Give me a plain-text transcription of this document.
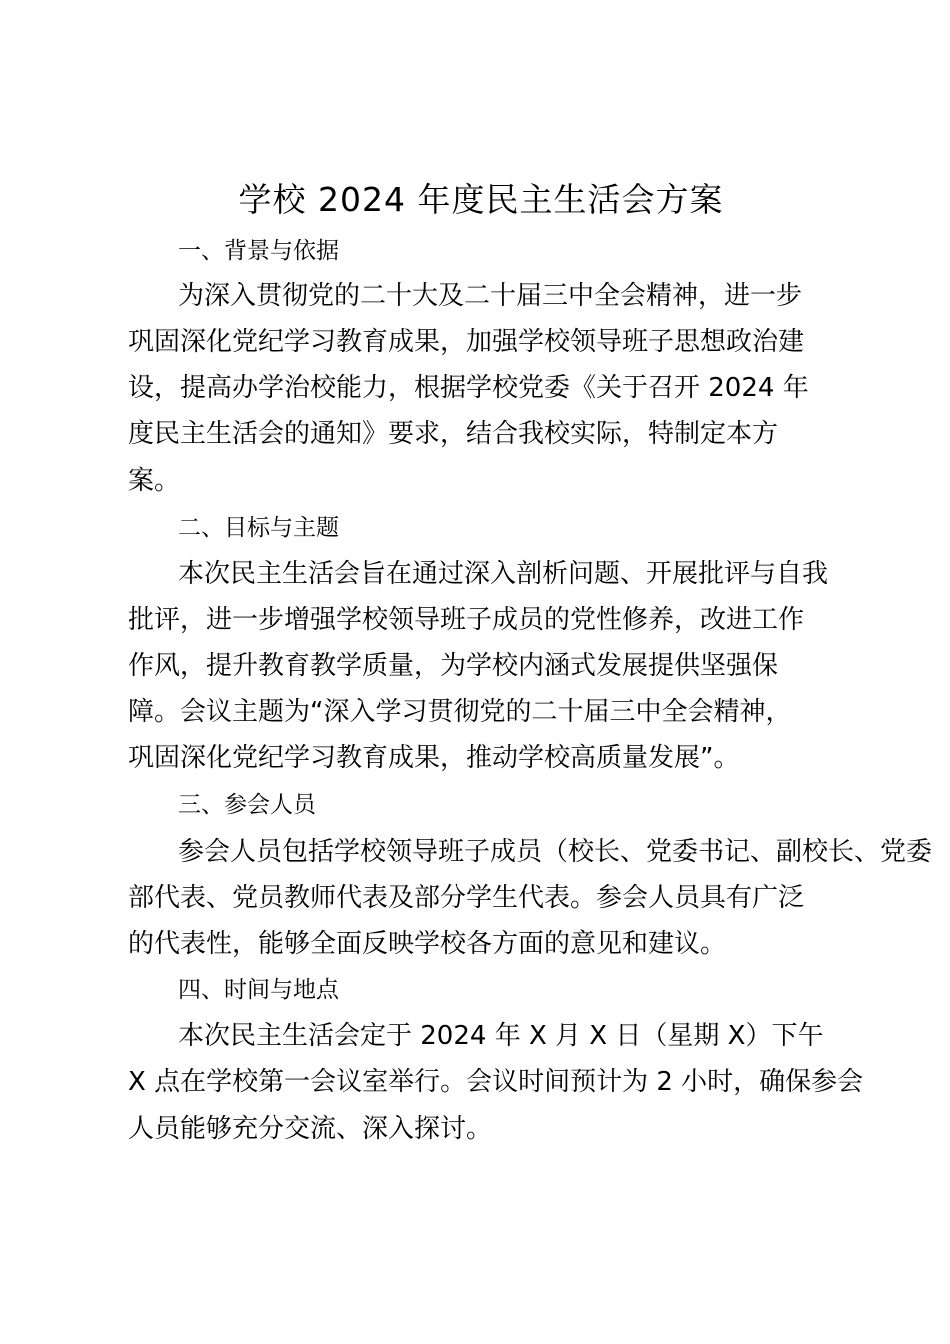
学校 2024 年度民主生活会方案
一、背景与依据
为深入贯彻党的二十大及二十届三中全会精神，进一步
巩固深化党纪学习教育成果，加强学校领导班子思想政治建
设，提高办学治校能力，根据学校党委《关于召开 2024 年
度民主生活会的通知》要求，结合我校实际，特制定本方
案。
二、目标与主题
本次民主生活会旨在通过深入剖析问题、开展批评与自我
批评，进一步增强学校领导班子成员的党性修养，改进工作
作风，提升教育教学质量，为学校内涵式发展提供坚强保
障。会议主题为“深入学习贯彻党的二十届三中全会精神，
巩固深化党纪学习教育成果，推动学校高质量发展”。
三、参会人员
参会人员包括学校领导班子成员（校长、党委书记、副校长、党委
部代表、党员教师代表及部分学生代表。参会人员具有广泛
的代表性，能够全面反映学校各方面的意见和建议。
四、时间与地点
本次民主生活会定于 2024 年 X 月 X 日（星期 X）下午
X 点在学校第一会议室举行。会议时间预计为 2 小时，确保参会
人员能够充分交流、深入探讨。
